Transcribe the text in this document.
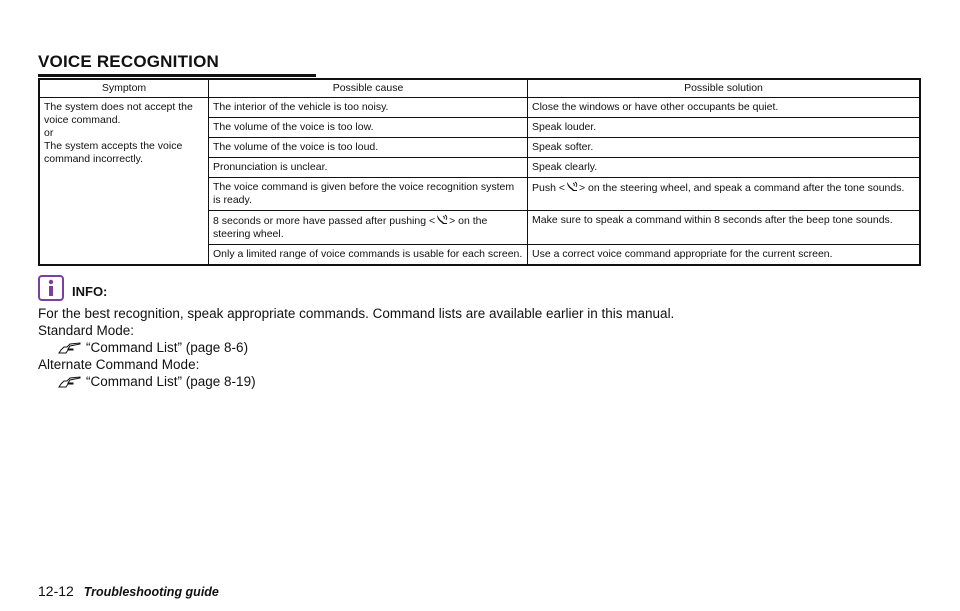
VOICE RECOGNITION
Symptom	Possible cause	Possible solution

The system does not accept the voice command.
or
The system accepts the voice command incorrectly.	The interior of the vehicle is too noisy.	Close the windows or have other occupants be quiet.
	The volume of the voice is too low.	Speak louder.
	The volume of the voice is too loud.	Speak softer.
	Pronunciation is unclear.	Speak clearly.
	The voice command is given before the voice recognition system is ready.	Push < > on the steering wheel, and speak a command after the tone sounds.
	8 seconds or more have passed after pushing < > on the steering wheel.	Make sure to speak a command within 8 seconds after the beep tone sounds.
	Only a limited range of voice commands is usable for each screen.	Use a correct voice command appropriate for the current screen.
INFO:
For the best recognition, speak appropriate commands. Command lists are available earlier in this manual.
Standard Mode:
“Command List” (page 8-6)
Alternate Command Mode:
“Command List” (page 8-19)
12-12 Troubleshooting guide
